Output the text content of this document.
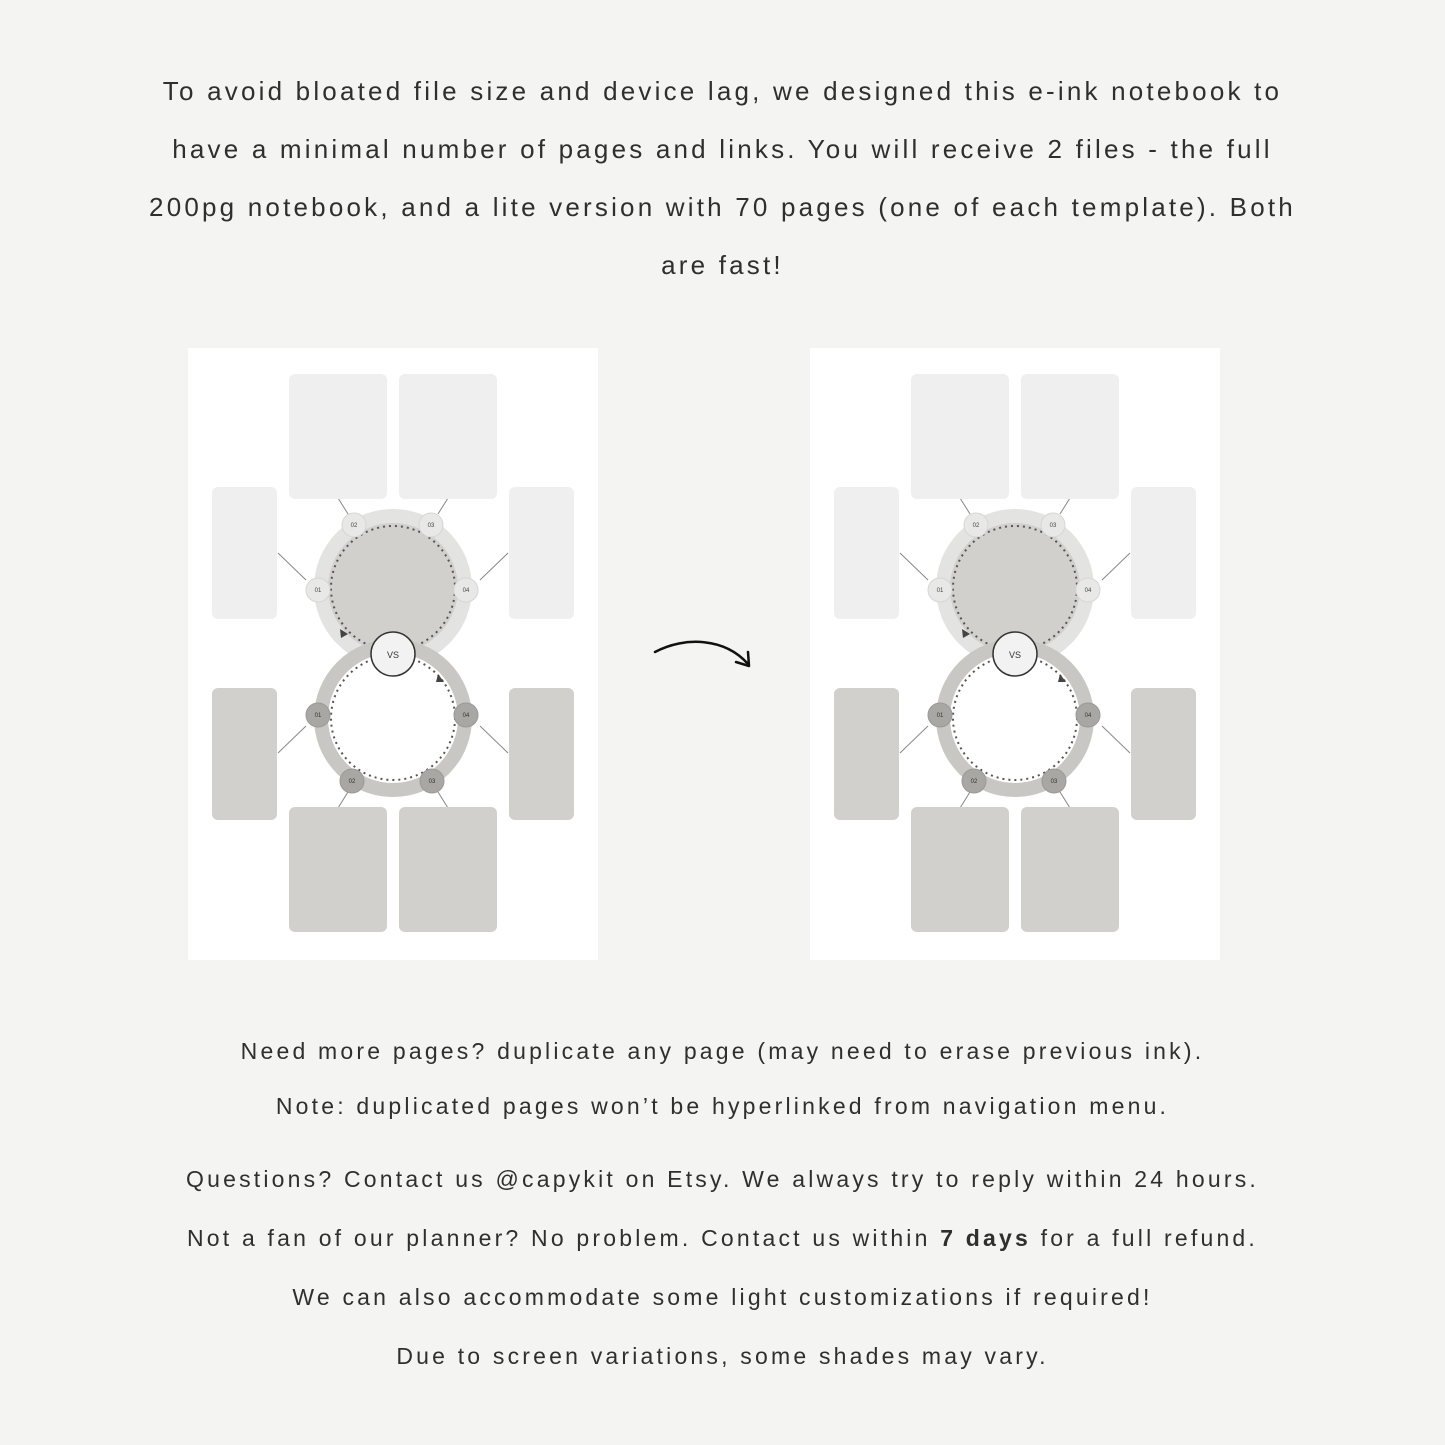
To avoid bloated file size and device lag, we designed this e-ink notebook to

have a minimal number of pages and links. You will receive 2 files - the full

200pg notebook, and a lite version with 70 pages (one of each template). Both

are fast!

01
02	03
04
01
02	03
04
VS
01
02	03
04
01
02	03
04
VS

Need more pages? duplicate any page (may need to erase previous ink).

Note: duplicated pages won’t be hyperlinked from navigation menu.

Questions? Contact us @capykit on Etsy. We always try to reply within 24 hours.

Not a fan of our planner? No problem. Contact us within 7 days for a full refund.

We can also accommodate some light customizations if required!

Due to screen variations, some shades may vary.
